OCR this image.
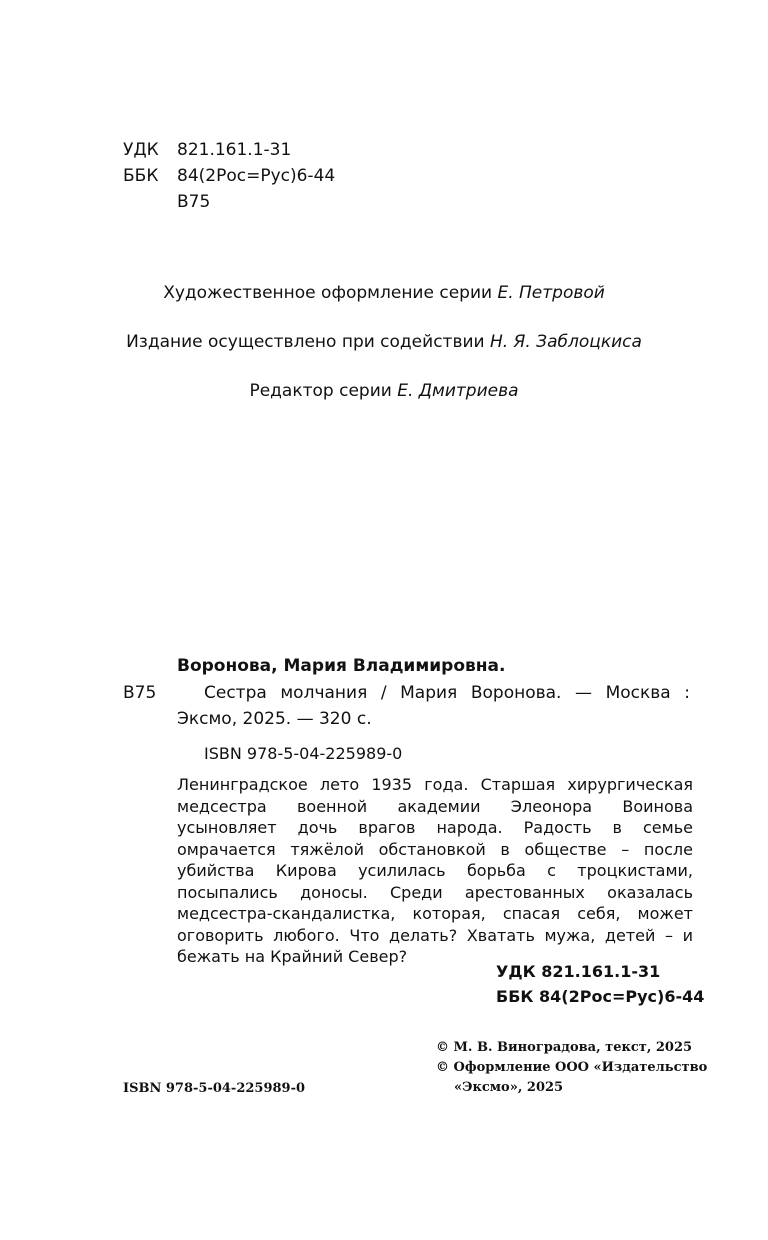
УДК 821.161.1-31
ББК 84(2Рос=Рус)6-44
В75
Художественное оформление серии Е. Петровой
Издание осуществлено при содействии Н. Я. Заблоцкиса
Редактор серии Е. Дмитриева
Воронова, Мария Владимировна.
В75	Сестра молчания / Мария Воронова. — Москва :
Эксмо, 2025. — 320 с.
ISBN 978-5-04-225989-0
Ленинградское лето 1935 года. Старшая хирургическая медсестра военной академии Элеонора Воинова усыновляет дочь врагов народа. Радость в семье омрачается тяжёлой обстановкой в обществе – после убийства Кирова усилилась борьба с троцкистами, посыпались доносы. Среди арестованных оказалась медсестра-скандалистка, которая, спасая себя, может оговорить любого. Что делать? Хватать мужа, детей – и бежать на Крайний Север?
УДК 821.161.1-31
ББК 84(2Рос=Рус)6-44
ISBN 978-5-04-225989-0
© М. В. Виноградова, текст, 2025
© Оформление ООО «Издательство
«Эксмо», 2025
